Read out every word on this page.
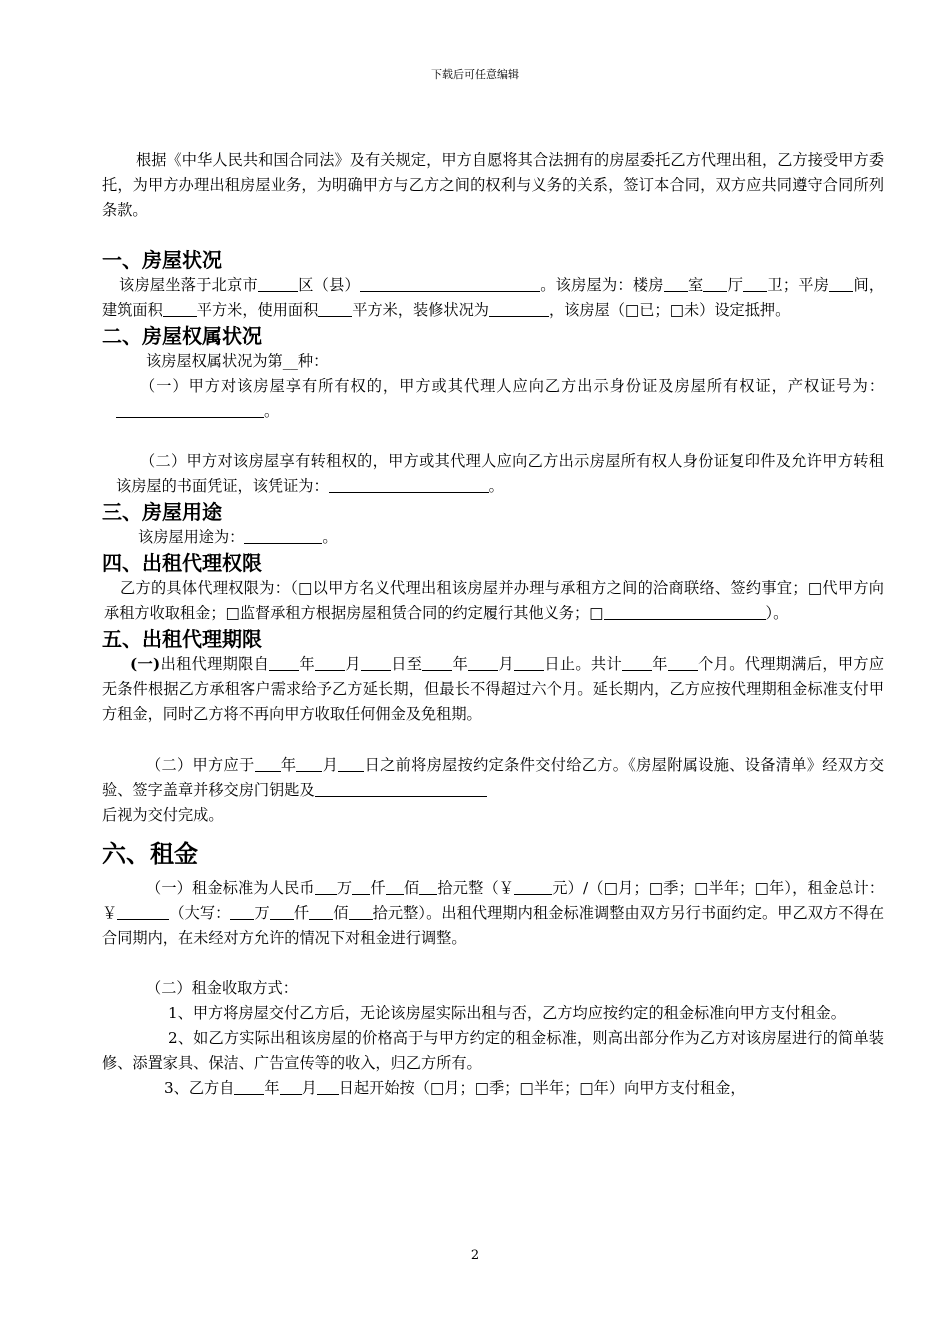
下载后可任意编辑

根据《中华人民共和国合同法》及有关规定，甲方自愿将其合法拥有的房屋委托乙方代理出租，乙方接受甲方委托，为甲方办理出租房屋业务，为明确甲方与乙方之间的权利与义务的关系，签订本合同，双方应共同遵守合同所列条款。

一、房屋状况

该房屋坐落于北京市	区（县）	。该房屋为：楼房 室 厅 卫；平房 间，建筑面积 平方米，使用面积 平方米，装修状况为	，该房屋（□已；□未）设定抵押。

二、房屋权属状况

该房屋权属状况为第__种：

（一）甲方对该房屋享有所有权的，甲方或其代理人应向乙方出示身份证及房屋所有权证，产权证号为：。

（二）甲方对该房屋享有转租权的，甲方或其代理人应向乙方出示房屋所有权人身份证复印件及允许甲方转租该房屋的书面凭证，该凭证为：	。

三、房屋用途

该房屋用途为：	。

四、出租代理权限

乙方的具体代理权限为：（□以甲方名义代理出租该房屋并办理与承租方之间的洽商联络、签约事宜；□代甲方向承租方收取租金；□监督承租方根据房屋租赁合同的约定履行其他义务；□	）。

五、出租代理期限

(一)出租代理期限自 年 月 日至 年 月 日止。共计 年 个月。代理期满后，甲方应无条件根据乙方承租客户需求给予乙方延长期，但最长不得超过六个月。延长期内，乙方应按代理期租金标准支付甲方租金，同时乙方将不再向甲方收取任何佣金及免租期。

（二）甲方应于 年 月 日之前将房屋按约定条件交付给乙方。《房屋附属设施、设备清单》经双方交验、签字盖章并移交房门钥匙及
后视为交付完成。

六、租金

（一）租金标准为人民币 万 仟 佰 拾元整（￥	元）/（□月；□季；□半年；□年），租金总计：￥	（大写： 万 仟 佰 拾元整）。出租代理期内租金标准调整由双方另行书面约定。甲乙双方不得在合同期内，在未经对方允许的情况下对租金进行调整。

（二）租金收取方式：

1、甲方将房屋交付乙方后，无论该房屋实际出租与否，乙方均应按约定的租金标准向甲方支付租金。

2、如乙方实际出租该房屋的价格高于与甲方约定的租金标准，则高出部分作为乙方对该房屋进行的简单装修、添置家具、保洁、广告宣传等的收入，归乙方所有。

3、乙方自 年 月 日起开始按（□月；□季；□半年；□年）向甲方支付租金，

2
